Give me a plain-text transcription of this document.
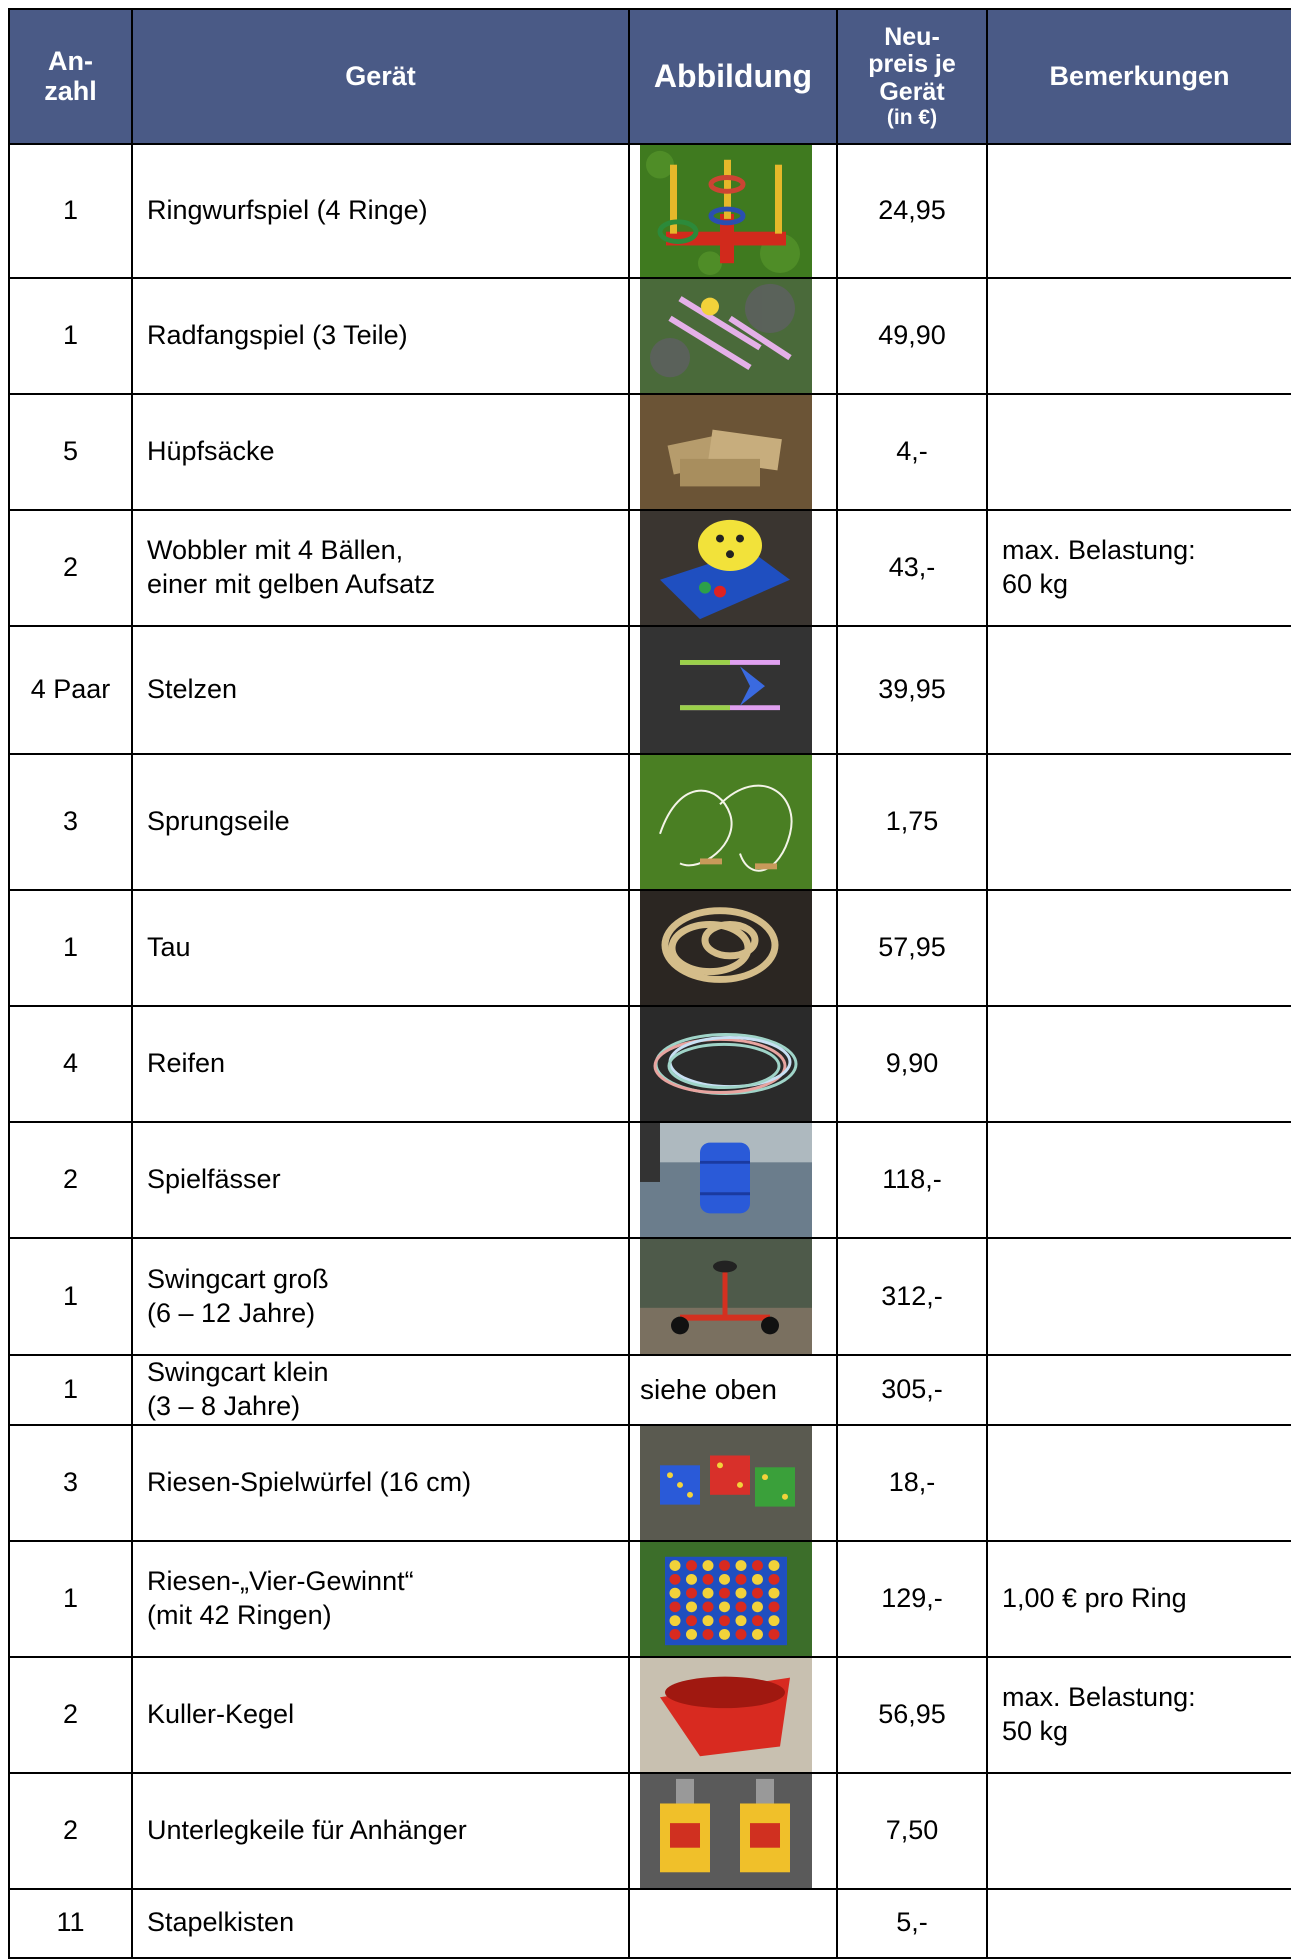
An-
zahl	Gerät	Abbildung	Neu-
preis je
Gerät
(in €)	Bemerkungen
1	Ringwurfspiel (4 Ringe)		24,95	
1	Radfangspiel (3 Teile)		49,90	
5	Hüpfsäcke		4,-	
2	Wobbler mit 4 Bällen,
einer mit gelben Aufsatz		43,-	max. Belastung:
60 kg

4 Paar	Stelzen		39,95	
3	Sprungseile		1,75	
1	Tau		57,95	
4	Reifen		9,90	
2	Spielfässer		118,-	
1	Swingcart groß
(6 – 12 Jahre)		312,-	
1	Swingcart klein
(3 – 8 Jahre)	siehe oben	305,-	
3	Riesen-Spielwürfel (16 cm)		18,-	
1	Riesen-„Vier-Gewinnt“
(mit 42 Ringen)		129,-	1,00 € pro Ring

2	Kuller-Kegel		56,95	max. Belastung:
50 kg

2	Unterlegkeile für Anhänger		7,50	
11	Stapelkisten		5,-	
